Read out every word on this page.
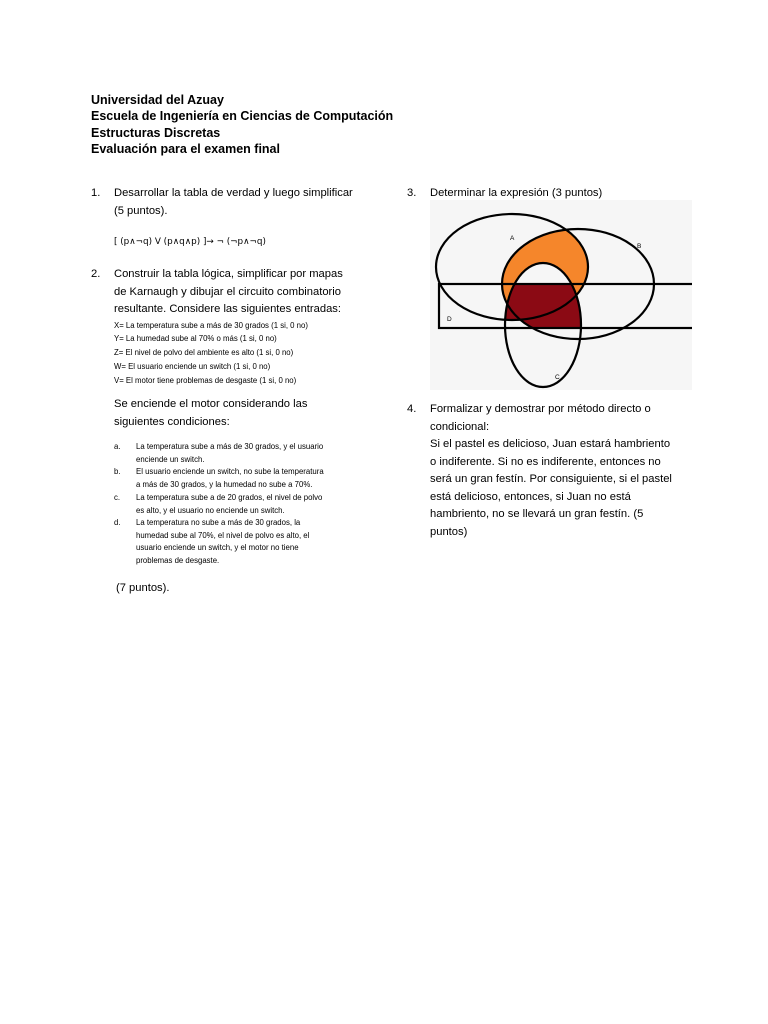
Universidad del Azuay
Escuela de Ingeniería en Ciencias de Computación
Estructuras Discretas
Evaluación para el examen final
1. Desarrollar la tabla de verdad y luego simplificar
(5 puntos).
[ (p∧¬q) V (p∧q∧p) ]→ ¬ (¬p∧¬q)
2. Construir la tabla lógica, simplificar por mapas
de Karnaugh y dibujar el circuito combinatorio
resultante. Considere las siguientes entradas:
X= La temperatura sube a más de 30 grados (1 si, 0 no)
Y= La humedad sube al 70% o más (1 si, 0 no)
Z= El nivel de polvo del ambiente es alto (1 si, 0 no)
W= El usuario enciende un switch (1 si, 0 no)
V= El motor tiene problemas de desgaste (1 si, 0 no)
Se enciende el motor considerando las
siguientes condiciones:
a. La temperatura sube a más de 30 grados, y el usuario
enciende un switch.
b. El usuario enciende un switch, no sube la temperatura
a más de 30 grados, y la humedad no sube a 70%.
c. La temperatura sube a de 20 grados, el nivel de polvo
es alto, y el usuario no enciende un switch.
d. La temperatura no sube a más de 30 grados, la
humedad sube al 70%, el nivel de polvo es alto, el
usuario enciende un switch, y el motor no tiene
problemas de desgaste.
(7 puntos).
3. Determinar la expresión (3 puntos)
A
B
D
C
4. Formalizar y demostrar por método directo o
condicional:
Si el pastel es delicioso, Juan estará hambriento
o indiferente. Si no es indiferente, entonces no
será un gran festín. Por consiguiente, si el pastel
está delicioso, entonces, si Juan no está
hambriento, no se llevará un gran festín. (5
puntos)
